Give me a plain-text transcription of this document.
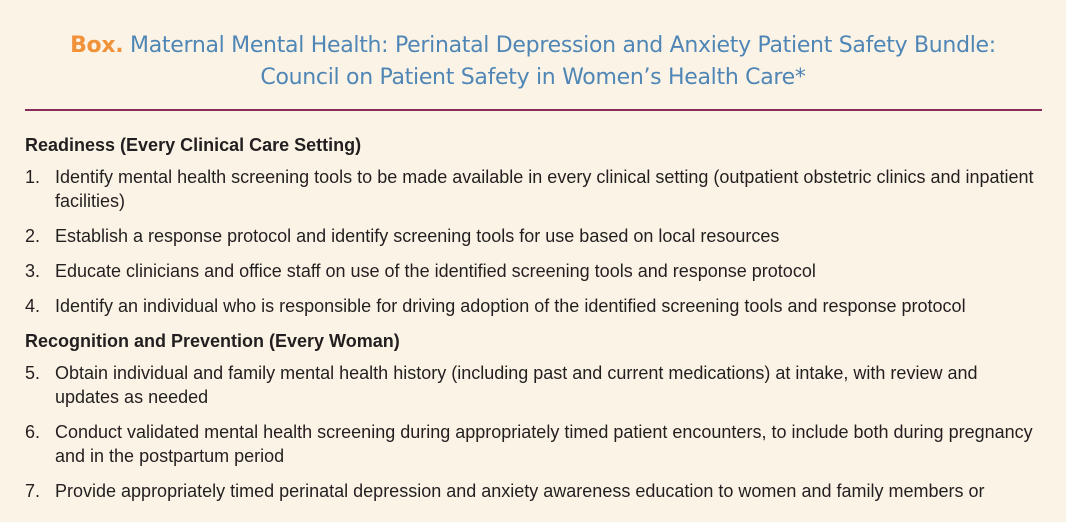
Box. Maternal Mental Health: Perinatal Depression and Anxiety Patient Safety Bundle:
Council on Patient Safety in Women’s Health Care*
Readiness (Every Clinical Care Setting)
1. Identify mental health screening tools to be made available in every clinical setting (outpatient obstetric clinics and inpatient facilities)
2. Establish a response protocol and identify screening tools for use based on local resources
3. Educate clinicians and office staff on use of the identified screening tools and response protocol
4. Identify an individual who is responsible for driving adoption of the identified screening tools and response protocol
Recognition and Prevention (Every Woman)
5. Obtain individual and family mental health history (including past and current medications) at intake, with review and updates as needed
6. Conduct validated mental health screening during appropriately timed patient encounters, to include both during pregnancy and in the postpartum period
7. Provide appropriately timed perinatal depression and anxiety awareness education to women and family members or
